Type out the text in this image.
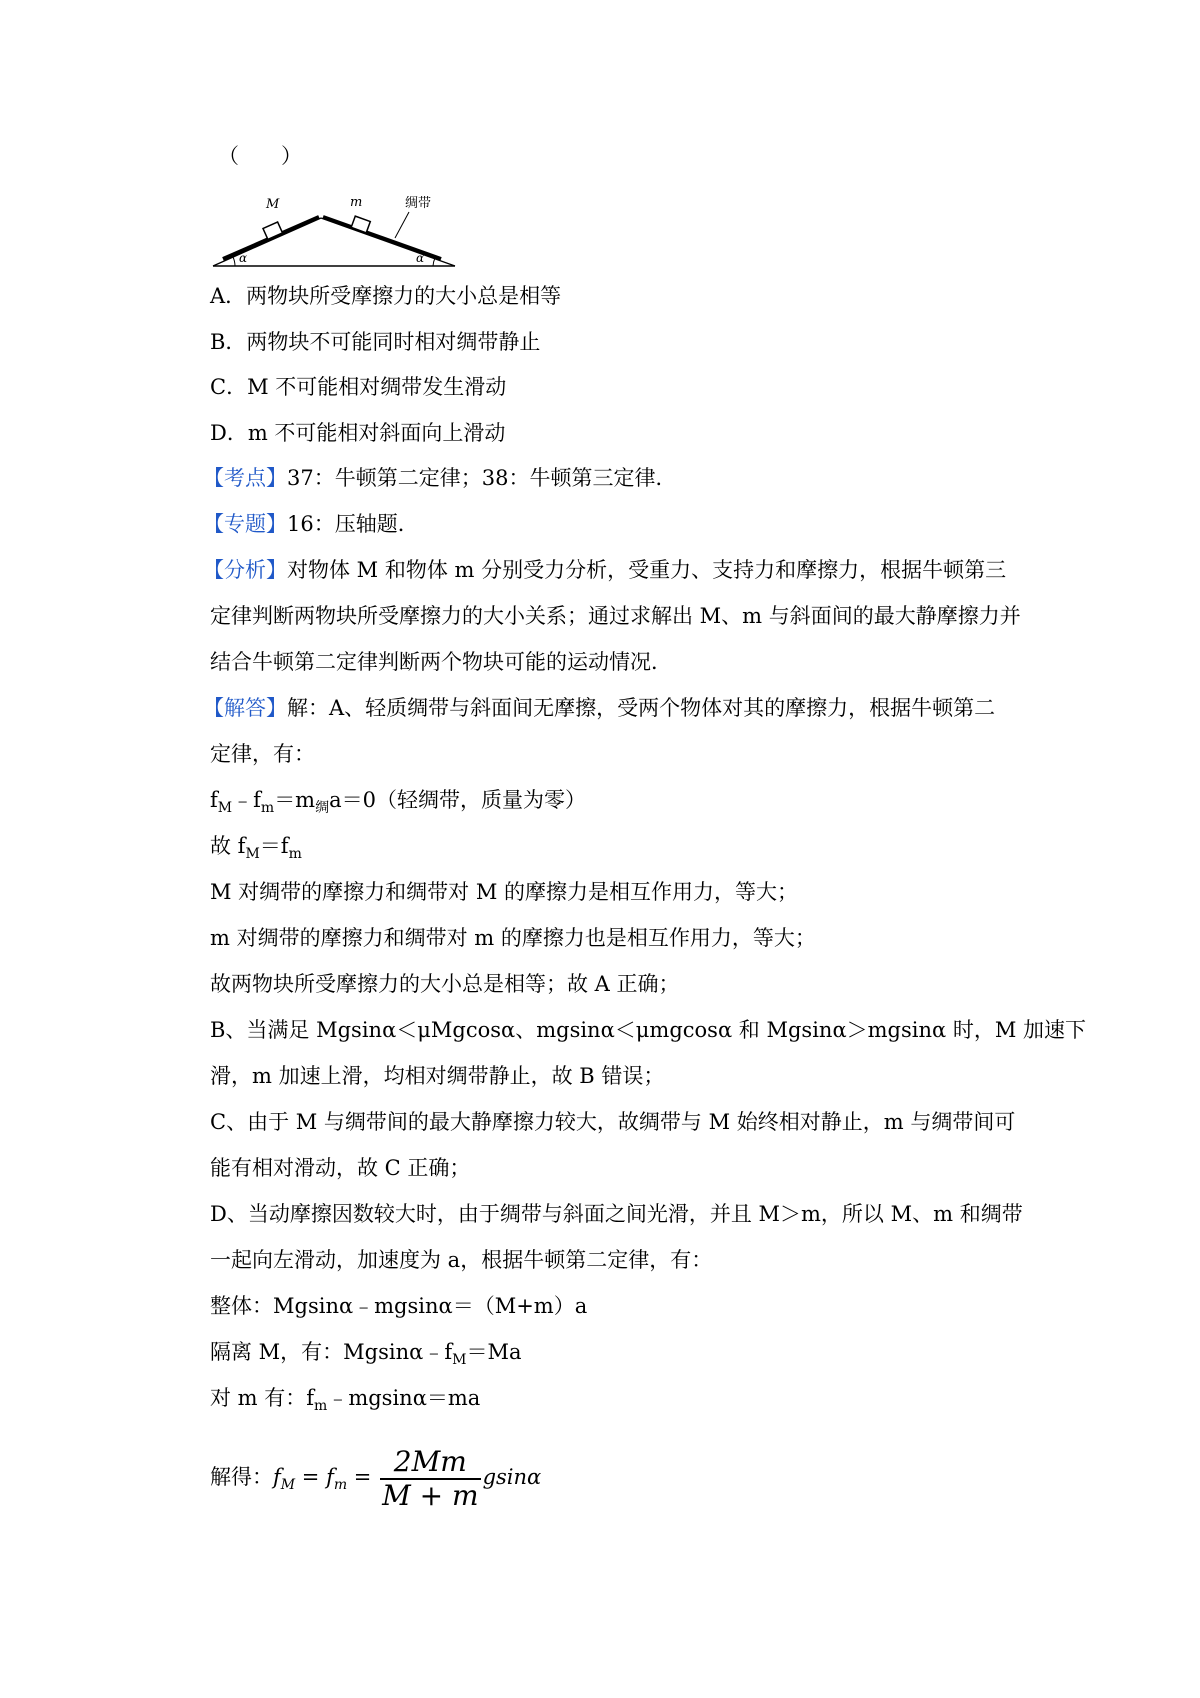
（　　）
M	m	绸带
α	α
A．两物块所受摩擦力的大小总是相等
B．两物块不可能同时相对绸带静止
C．M 不可能相对绸带发生滑动
D．m 不可能相对斜面向上滑动
【考点】37：牛顿第二定律；38：牛顿第三定律．
【专题】16：压轴题．
【分析】对物体 M 和物体 m 分别受力分析，受重力、支持力和摩擦力，根据牛顿第三
定律判断两物块所受摩擦力的大小关系；通过求解出 M、m 与斜面间的最大静摩擦力并
结合牛顿第二定律判断两个物块可能的运动情况．
【解答】解：A、轻质绸带与斜面间无摩擦，受两个物体对其的摩擦力，根据牛顿第二
定律，有：
$f_M﹣f_m=m_绸a=0$（轻绸带，质量为零）
故 $f_M=f_m$
M 对绸带的摩擦力和绸带对 M 的摩擦力是相互作用力，等大；
m 对绸带的摩擦力和绸带对 m 的摩擦力也是相互作用力，等大；
故两物块所受摩擦力的大小总是相等；故 A 正确；
B、当满足 Mgsinα＜μMgcosα、mgsinα＜μmgcosα 和 Mgsinα＞mgsinα 时，M 加速下
滑，m 加速上滑，均相对绸带静止，故 B 错误；
C、由于 M 与绸带间的最大静摩擦力较大，故绸带与 M 始终相对静止，m 与绸带间可
能有相对滑动，故 C 正确；
D、当动摩擦因数较大时，由于绸带与斜面之间光滑，并且 M＞m，所以 M、m 和绸带
一起向左滑动，加速度为 a，根据牛顿第二定律，有：
整体：Mgsinα﹣mgsinα＝（M+m）a
隔离 M，有：$Mgsin\alpha﹣f_M=Ma$
对 m 有：$f_m﹣mgsin\alpha=ma$
解得：$f_M = f_m = \frac{2Mm}{M + m}$ gsinα
